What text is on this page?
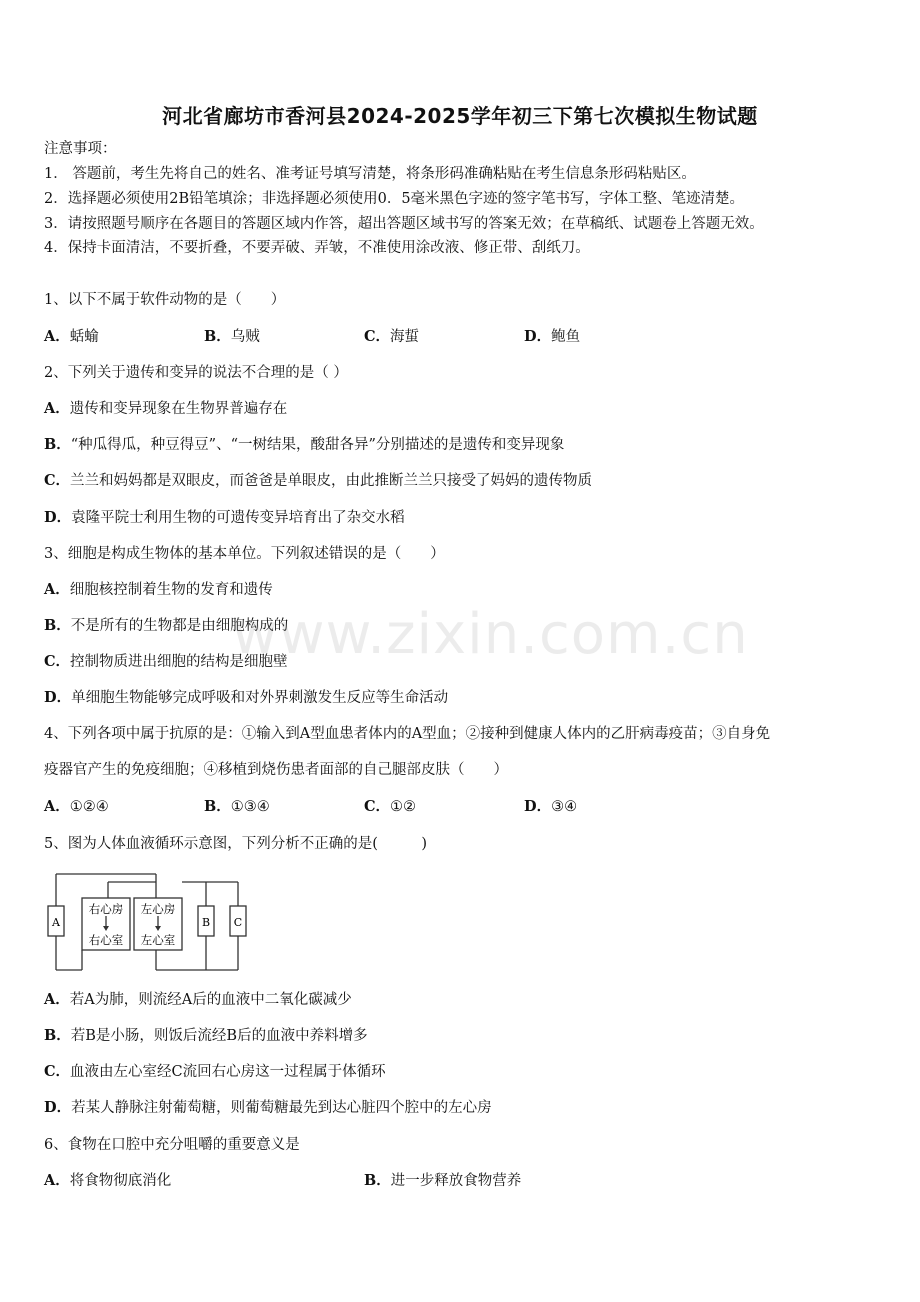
河北省廊坊市香河县2024-2025学年初三下第七次模拟生物试题
注意事项：
1． 答题前，考生先将自己的姓名、准考证号填写清楚，将条形码准确粘贴在考生信息条形码粘贴区。
2．选择题必须使用2B铅笔填涂；非选择题必须使用0．5毫米黑色字迹的签字笔书写，字体工整、笔迹清楚。
3．请按照题号顺序在各题目的答题区域内作答，超出答题区域书写的答案无效；在草稿纸、试题卷上答题无效。
4．保持卡面清洁，不要折叠，不要弄破、弄皱，不准使用涂改液、修正带、刮纸刀。
1、以下不属于软件动物的是（　　）
A．蛞蝓	B．乌贼	C．海蜇	D．鲍鱼
2、下列关于遗传和变异的说法不合理的是（ ）
A．遗传和变异现象在生物界普遍存在
B．“种瓜得瓜，种豆得豆”、“一树结果，酸甜各异”分别描述的是遗传和变异现象
C．兰兰和妈妈都是双眼皮，而爸爸是单眼皮，由此推断兰兰只接受了妈妈的遗传物质
D．袁隆平院士利用生物的可遗传变异培育出了杂交水稻
3、细胞是构成生物体的基本单位。下列叙述错误的是（　　）
A．细胞核控制着生物的发育和遗传
B．不是所有的生物都是由细胞构成的
C．控制物质进出细胞的结构是细胞壁
D．单细胞生物能够完成呼吸和对外界刺激发生反应等生命活动
www.zixin.com.cn
4、下列各项中属于抗原的是：①输入到A型血患者体内的A型血；②接种到健康人体内的乙肝病毒疫苗；③自身免
疫器官产生的免疫细胞；④移植到烧伤患者面部的自己腿部皮肤（　　）
A．①②④	B．①③④	C．①②	D．③④
5、图为人体血液循环示意图，下列分析不正确的是(　　　)
A	B C
右心房
右心室
左心房
左心室
A．若A为肺，则流经A后的血液中二氧化碳减少
B．若B是小肠，则饭后流经B后的血液中养料增多
C．血液由左心室经C流回右心房这一过程属于体循环
D．若某人静脉注射葡萄糖，则葡萄糖最先到达心脏四个腔中的左心房
6、食物在口腔中充分咀嚼的重要意义是
A．将食物彻底消化	B．进一步释放食物营养
